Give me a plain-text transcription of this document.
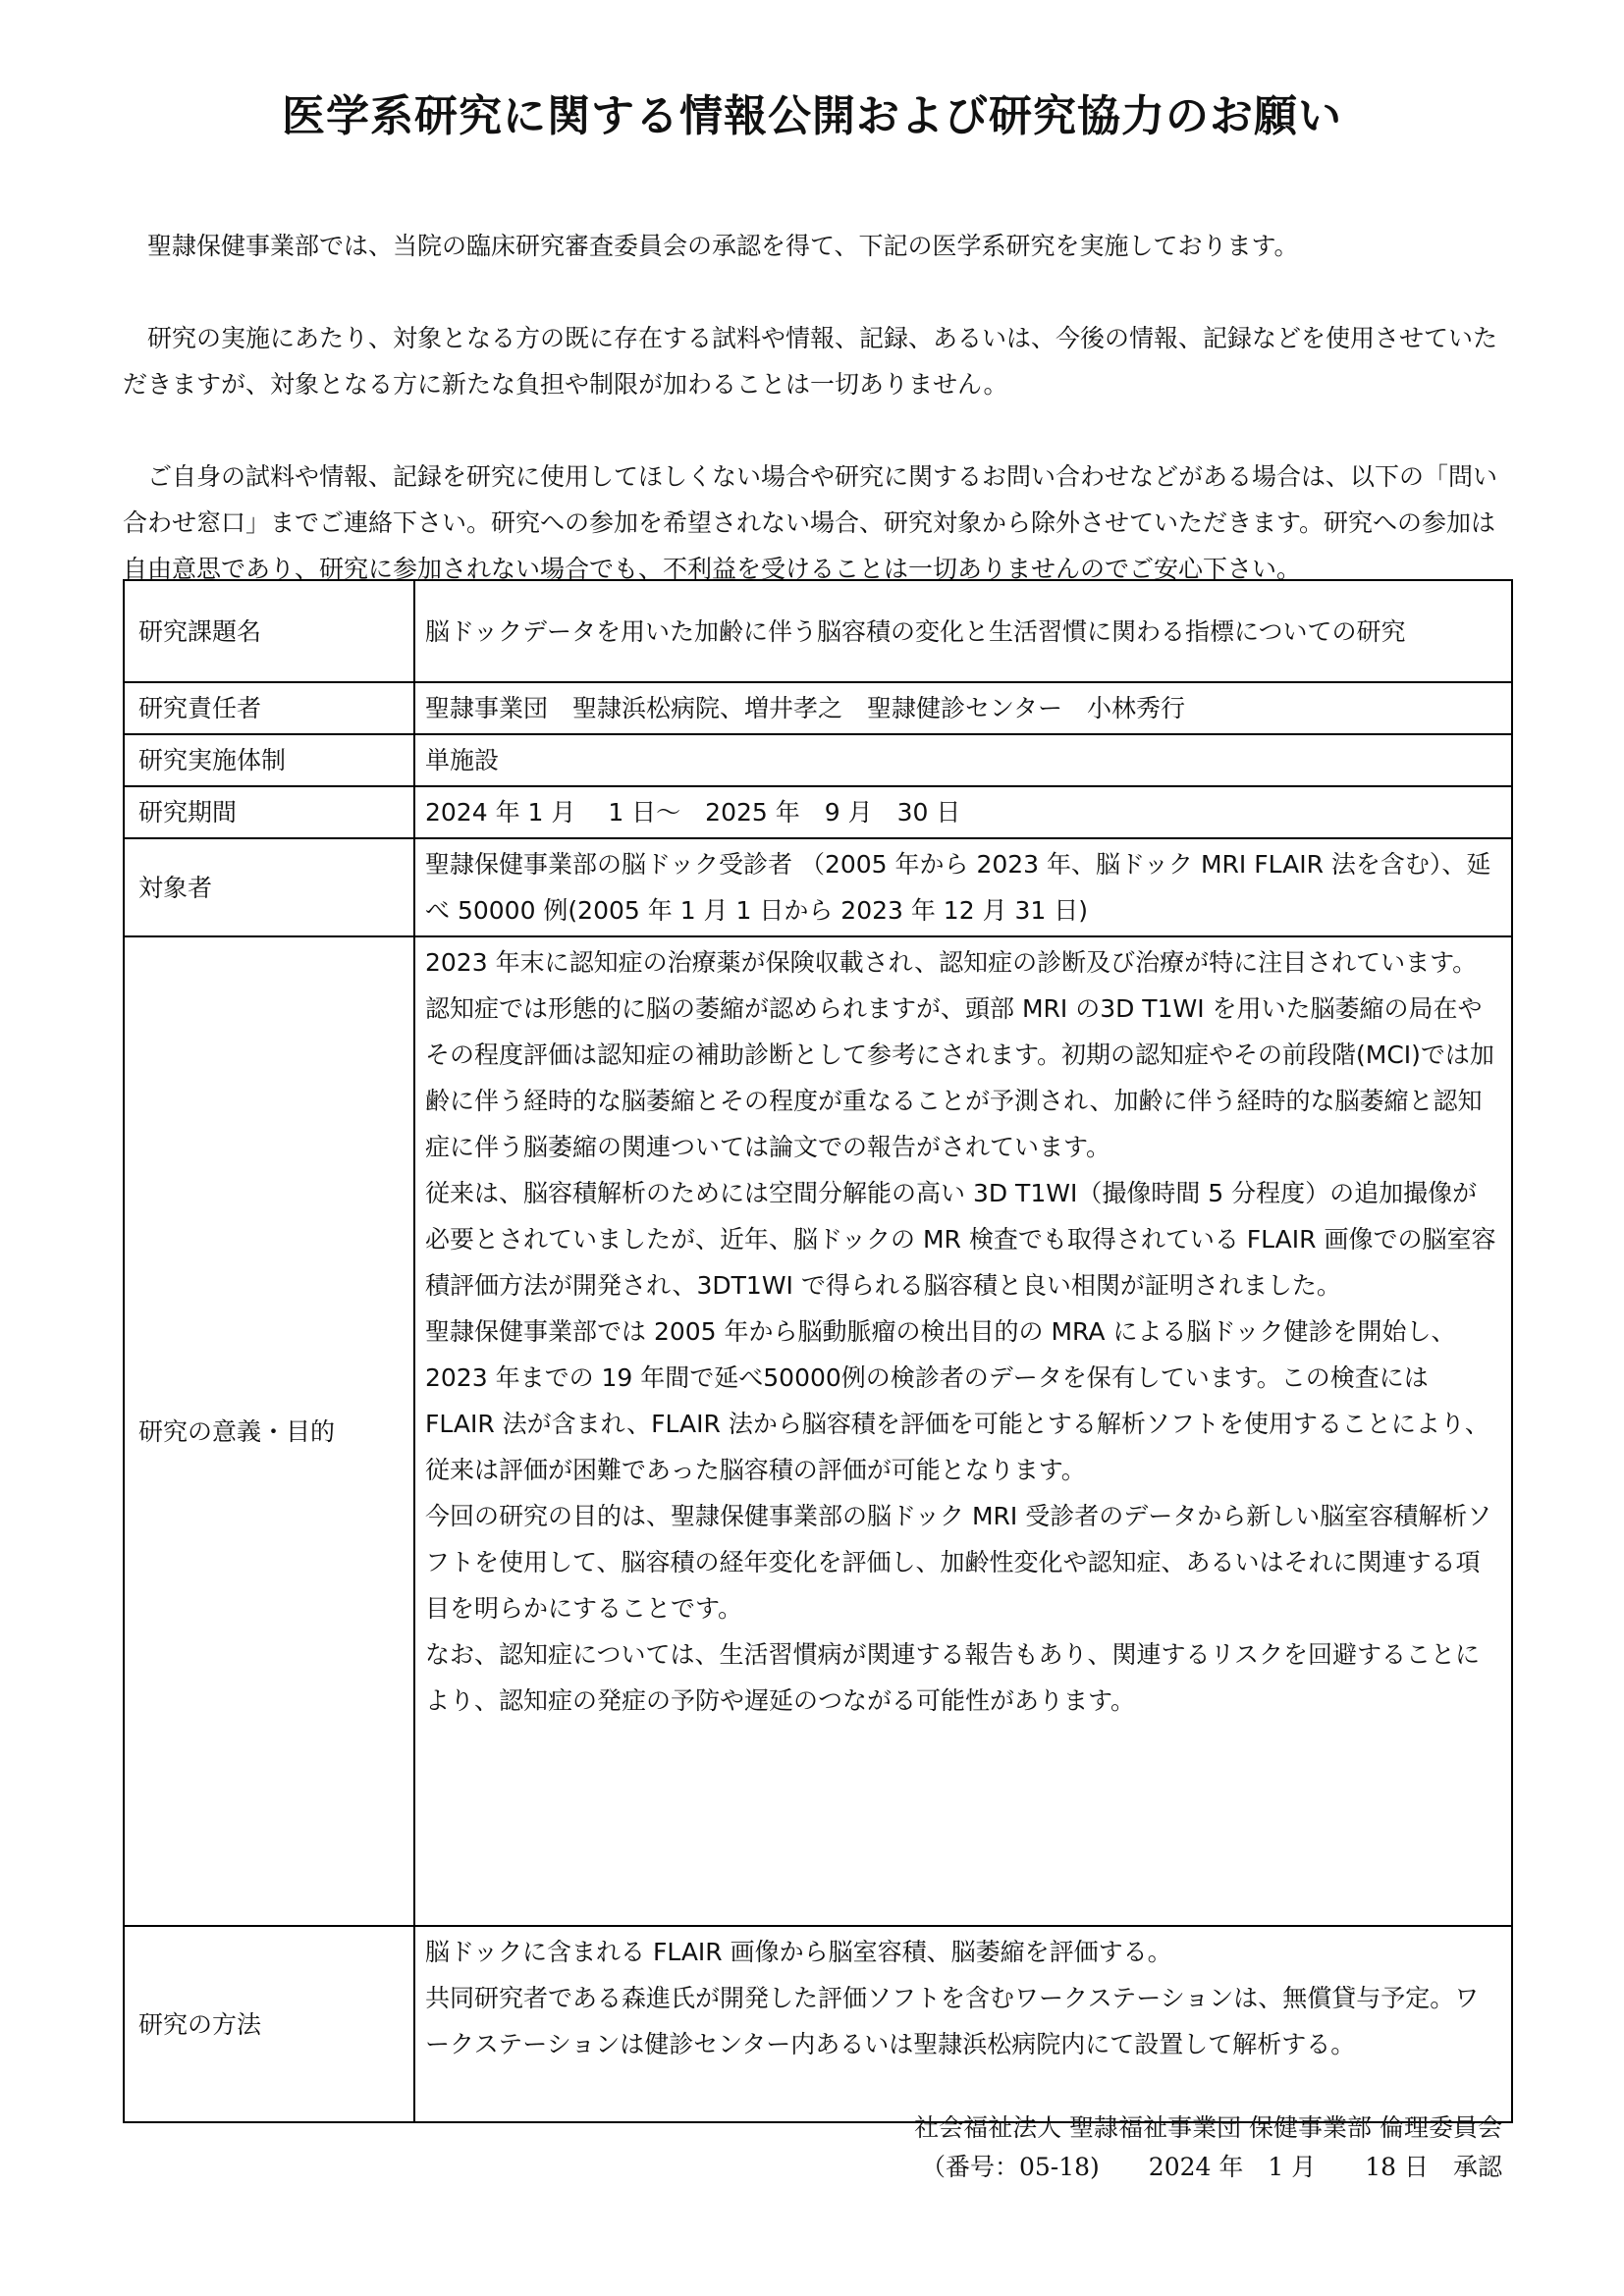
医学系研究に関する情報公開および研究協力のお願い

聖隷保健事業部では、当院の臨床研究審査委員会の承認を得て、下記の医学系研究を実施しております。

研究の実施にあたり、対象となる方の既に存在する試料や情報、記録、あるいは、今後の情報、記録などを使用させていただきますが、対象となる方に新たな負担や制限が加わることは一切ありません。

ご自身の試料や情報、記録を研究に使用してほしくない場合や研究に関するお問い合わせなどがある場合は、以下の「問い合わせ窓口」までご連絡下さい。研究への参加を希望されない場合、研究対象から除外させていただきます。研究への参加は自由意思であり、研究に参加されない場合でも、不利益を受けることは一切ありませんのでご安心下さい。

研究課題名	脳ドックデータを用いた加齢に伴う脳容積の変化と生活習慣に関わる指標についての研究
研究責任者	聖隷事業団　聖隷浜松病院、増井孝之　聖隷健診センター　小林秀行
研究実施体制	単施設
研究期間	2024 年 1 月　 1 日～　2025 年　9 月　30 日
対象者	聖隷保健事業部の脳ドック受診者 （2005 年から 2023 年、脳ドック MRI FLAIR 法を含む）、延べ 50000 例(2005 年 1 月 1 日から 2023 年 12 月 31 日)
研究の意義・目的	2023 年末に認知症の治療薬が保険収載され、認知症の診断及び治療が特に注目されています。認知症では形態的に脳の萎縮が認められますが、頭部 MRI の3D T1WI を用いた脳萎縮の局在やその程度評価は認知症の補助診断として参考にされます。初期の認知症やその前段階(MCI)では加齢に伴う経時的な脳萎縮とその程度が重なることが予測され、加齢に伴う経時的な脳萎縮と認知症に伴う脳萎縮の関連ついては論文での報告がされています。

従来は、脳容積解析のためには空間分解能の高い 3D T1WI（撮像時間 5 分程度）の追加撮像が必要とされていましたが、近年、脳ドックの MR 検査でも取得されている FLAIR 画像での脳室容積評価方法が開発され、3DT1WI で得られる脳容積と良い相関が証明されました。

聖隷保健事業部では 2005 年から脳動脈瘤の検出目的の MRA による脳ドック健診を開始し、2023 年までの 19 年間で延べ50000例の検診者のデータを保有しています。この検査には FLAIR 法が含まれ、FLAIR 法から脳容積を評価を可能とする解析ソフトを使用することにより、従来は評価が困難であった脳容積の評価が可能となります。

今回の研究の目的は、聖隷保健事業部の脳ドック MRI 受診者のデータから新しい脳室容積解析ソフトを使用して、脳容積の経年変化を評価し、加齢性変化や認知症、あるいはそれに関連する項目を明らかにすることです。

なお、認知症については、生活習慣病が関連する報告もあり、関連するリスクを回避することにより、認知症の発症の予防や遅延のつながる可能性があります。

研究の方法	脳ドックに含まれる FLAIR 画像から脳室容積、脳萎縮を評価する。

共同研究者である森進氏が開発した評価ソフトを含むワークステーションは、無償貸与予定。ワークステーションは健診センター内あるいは聖隷浜松病院内にて設置して解析する。

社会福祉法人 聖隷福祉事業団 保健事業部 倫理委員会
（番号：05-18)　　2024 年　1 月　　18 日　承認
